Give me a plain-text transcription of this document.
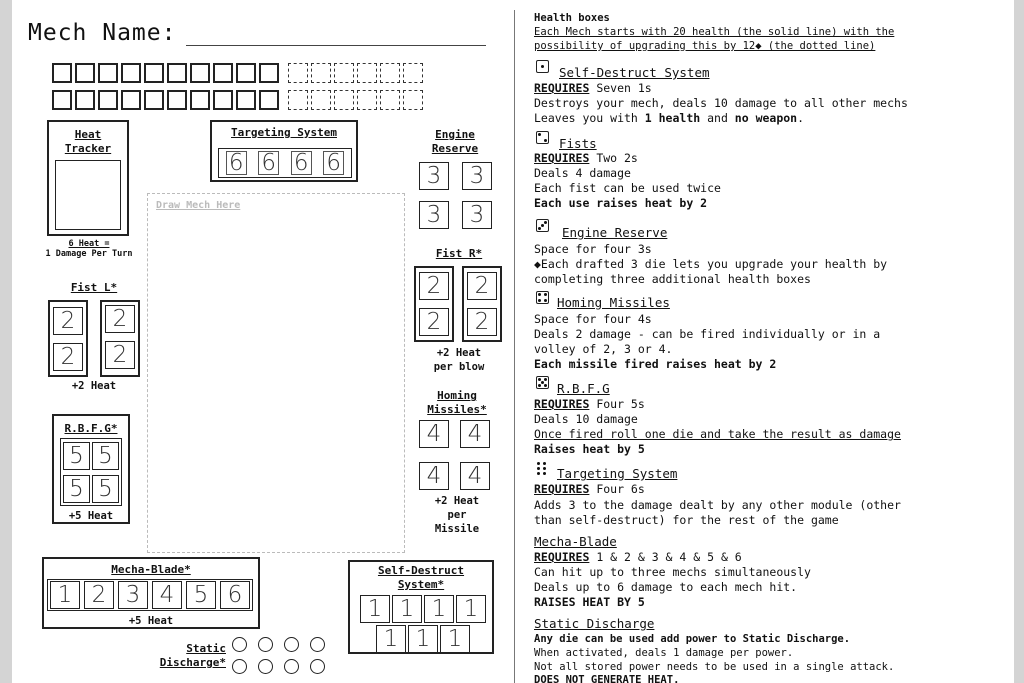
Mech Name:
Heat
Tracker
6 Heat =
1 Damage Per Turn
Targeting System
6 6 6 6
Engine
Reserve
3	3
3	3
Draw Mech Here
Fist R*
2
2
2
2
+2 Heat
per blow
Fist L*
2
2
2
2
+2 Heat
Homing
Missiles*
4	4
4	4
+2 Heat
per
Missile
R.B.F.G*
5 5
5 5
+5 Heat
Mecha-Blade*
1 2 3 4 5 6
+5 Heat
Self-Destruct
System*
1 1 1 1
1 1 1
Static
Discharge*
Health boxes
Each Mech starts with 20 health (the solid line) with the
possibility of upgrading this by 12◆ (the dotted line)
Self-Destruct System
REQUIRES Seven 1s
Destroys your mech, deals 10 damage to all other mechs
Leaves you with 1 health and no weapon.
Fists
REQUIRES Two 2s
Deals 4 damage
Each fist can be used twice
Each use raises heat by 2
Engine Reserve
Space for four 3s
◆Each drafted 3 die lets you upgrade your health by
completing three additional health boxes
Homing Missiles
Space for four 4s
Deals 2 damage - can be fired individually or in a
volley of 2, 3 or 4.
Each missile fired raises heat by 2
R.B.F.G
REQUIRES Four 5s
Deals 10 damage
Once fired roll one die and take the result as damage
Raises heat by 5
Targeting System
REQUIRES Four 6s
Adds 3 to the damage dealt by any other module (other
than self-destruct) for the rest of the game
Mecha-Blade
REQUIRES 1 & 2 & 3 & 4 & 5 & 6
Can hit up to three mechs simultaneously
Deals up to 6 damage to each mech hit.
RAISES HEAT BY 5
Static Discharge
Any die can be used add power to Static Discharge.
When activated, deals 1 damage per power.
Not all stored power needs to be used in a single attack.
DOES NOT GENERATE HEAT.
